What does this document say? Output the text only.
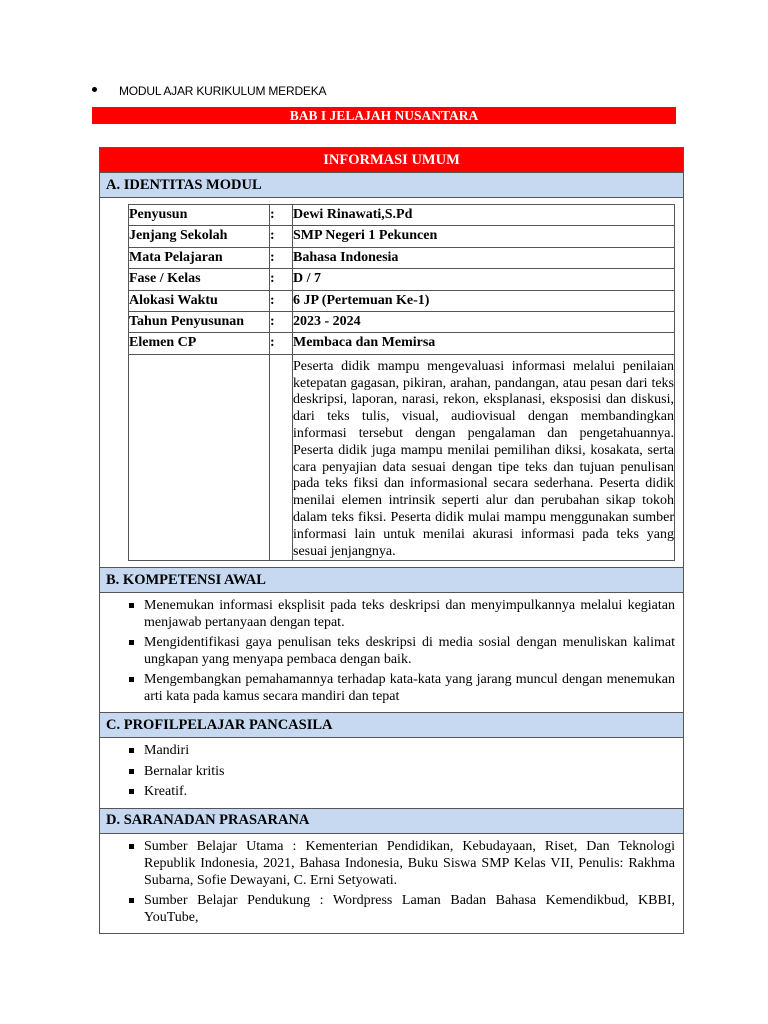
MODUL AJAR KURIKULUM MERDEKA
BAB I JELAJAH NUSANTARA
INFORMASI UMUM
A. IDENTITAS MODUL

Penyusun	:	Dewi Rinawati,S.Pd
Jenjang Sekolah	:	SMP Negeri 1 Pekuncen
Mata Pelajaran	:	Bahasa Indonesia
Fase / Kelas	:	D / 7
Alokasi Waktu	:	6 JP (Pertemuan Ke-1)
Tahun Penyusunan	:	2023 - 2024
Elemen CP	:	Membaca dan Memirsa

Peserta didik mampu mengevaluasi informasi melalui penilaian ketepatan gagasan, pikiran, arahan, pandangan, atau pesan dari teks deskripsi, laporan, narasi, rekon, eksplanasi, eksposisi dan diskusi, dari teks tulis, visual, audiovisual dengan membandingkan informasi tersebut dengan pengalaman dan pengetahuannya. Peserta didik juga mampu menilai pemilihan diksi, kosakata, serta cara penyajian data sesuai dengan tipe teks dan tujuan penulisan pada teks fiksi dan informasional secara sederhana. Peserta didik menilai elemen intrinsik seperti alur dan perubahan sikap tokoh dalam teks fiksi. Peserta didik mulai mampu menggunakan sumber informasi lain untuk menilai akurasi informasi pada teks yang sesuai jenjangnya.

B. KOMPETENSI AWAL

Menemukan informasi eksplisit pada teks deskripsi dan menyimpulkannya melalui kegiatan menjawab pertanyaan dengan tepat.
Mengidentifikasi gaya penulisan teks deskripsi di media sosial dengan menuliskan kalimat ungkapan yang menyapa pembaca dengan baik.
Mengembangkan pemahamannya terhadap kata-kata yang jarang muncul dengan menemukan arti kata pada kamus secara mandiri dan tepat

C. PROFILPELAJAR PANCASILA

Mandiri
Bernalar kritis
Kreatif.

D. SARANADAN PRASARANA

Sumber Belajar Utama : Kementerian Pendidikan, Kebudayaan, Riset, Dan Teknologi Republik Indonesia, 2021, Bahasa Indonesia, Buku Siswa SMP Kelas VII, Penulis: Rakhma Subarna, Sofie Dewayani, C. Erni Setyowati.
Sumber Belajar Pendukung : Wordpress Laman Badan Bahasa Kemendikbud, KBBI, YouTube,
